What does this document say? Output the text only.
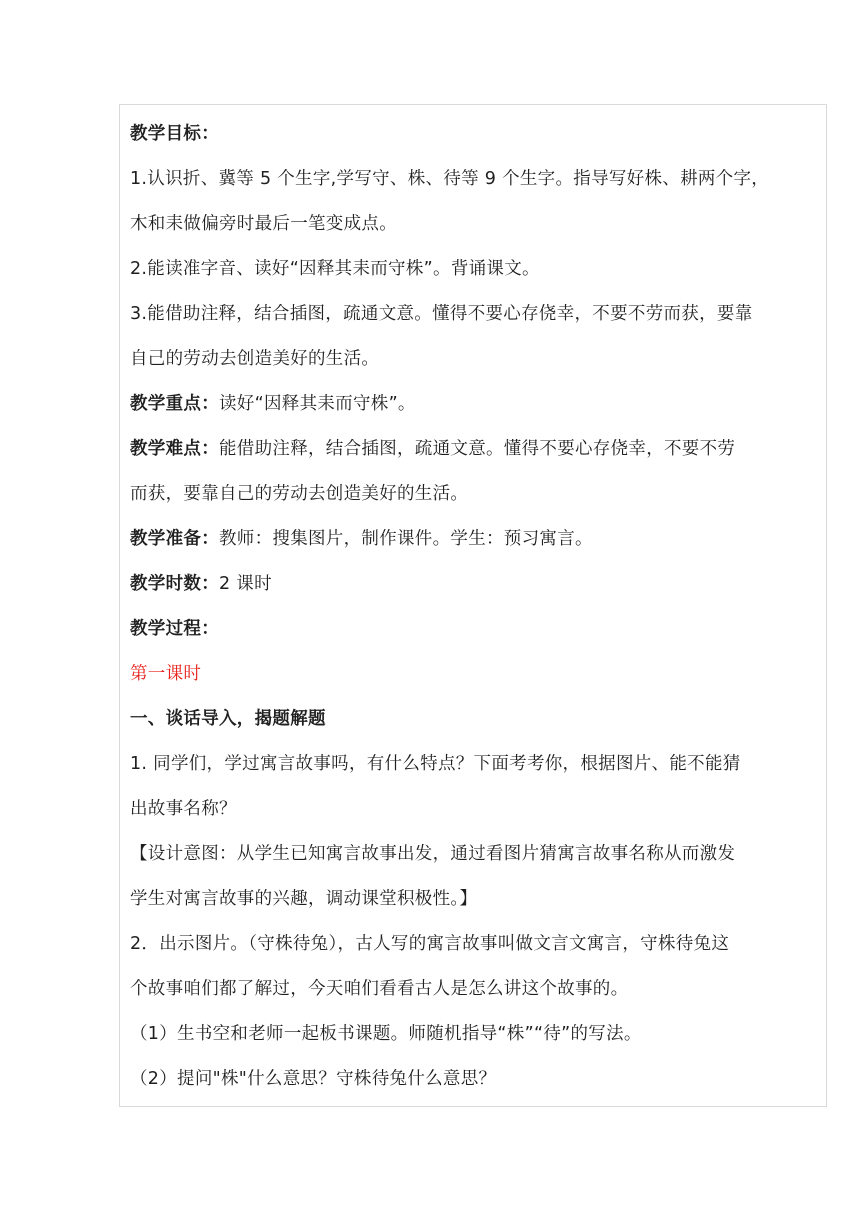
教学目标：
1.认识折、冀等 5 个生字,学写守、株、待等 9 个生字。指导写好株、耕两个字，
木和耒做偏旁时最后一笔变成点。
2.能读准字音、读好“因释其耒而守株”。背诵课文。
3.能借助注释，结合插图，疏通文意。懂得不要心存侥幸，不要不劳而获，要靠
自己的劳动去创造美好的生活。
教学重点：读好“因释其耒而守株”。
教学难点：能借助注释，结合插图，疏通文意。懂得不要心存侥幸，不要不劳
而获，要靠自己的劳动去创造美好的生活。
教学准备：教师：搜集图片，制作课件。学生：预习寓言。
教学时数：2 课时
教学过程：
第一课时
一、谈话导入，揭题解题
1. 同学们，学过寓言故事吗，有什么特点？下面考考你，根据图片、能不能猜
出故事名称？
【设计意图：从学生已知寓言故事出发，通过看图片猜寓言故事名称从而激发
学生对寓言故事的兴趣，调动课堂积极性。】
2．出示图片。（守株待兔），古人写的寓言故事叫做文言文寓言，守株待兔这
个故事咱们都了解过，今天咱们看看古人是怎么讲这个故事的。
（1）生书空和老师一起板书课题。师随机指导“株”“待”的写法。
（2）提问"株"什么意思？守株待兔什么意思？
